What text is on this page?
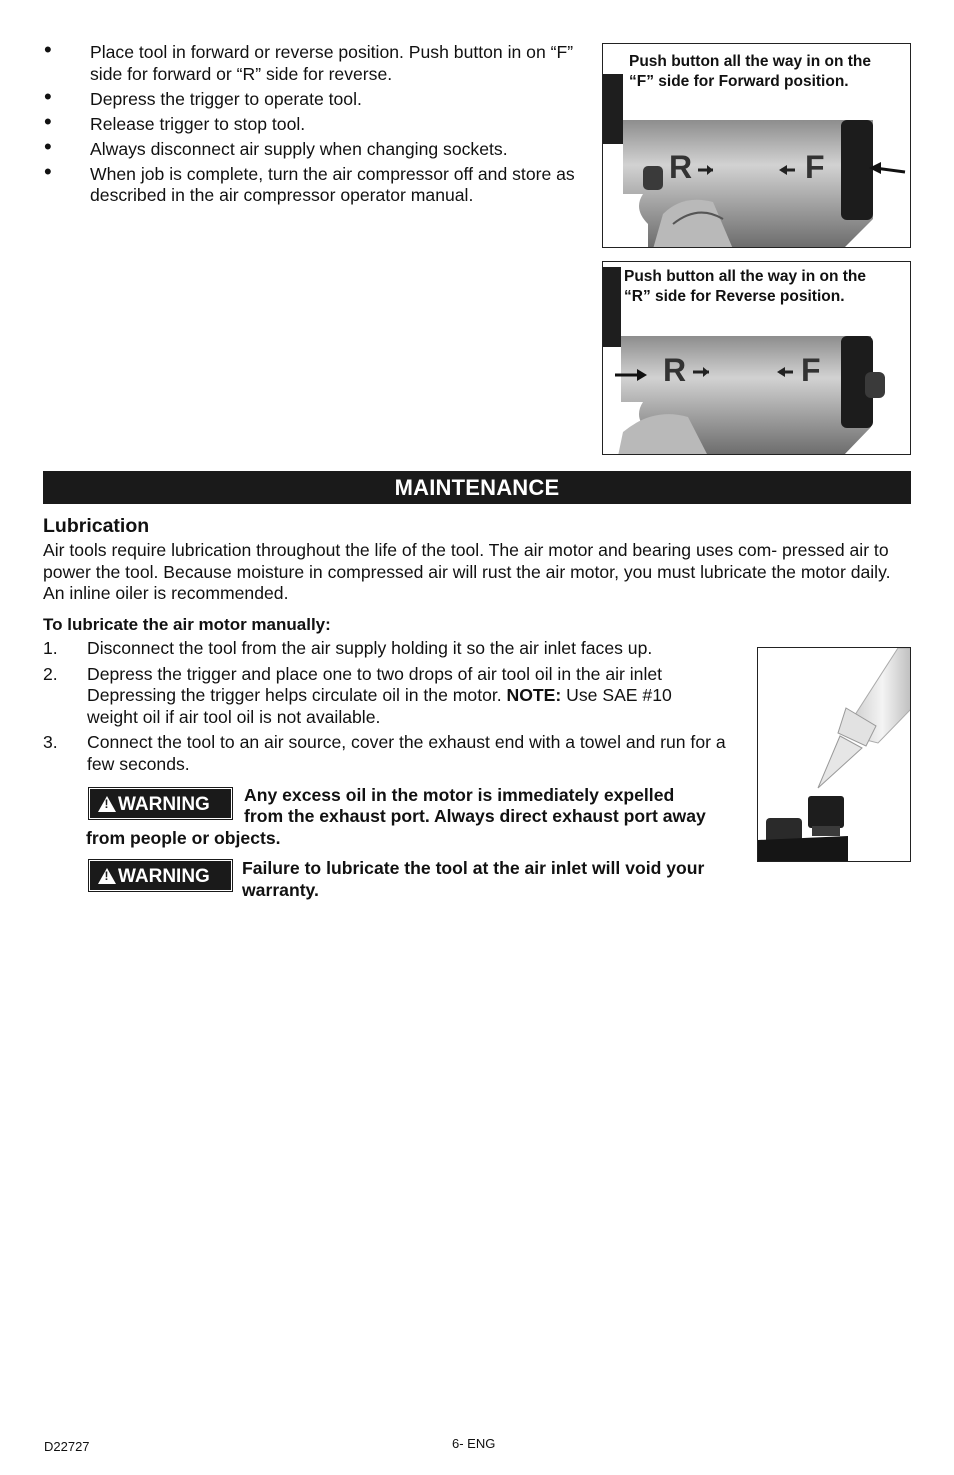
• Place tool in forward or reverse position. Push button in on “F” side for forward or “R” side for reverse.
• Depress the trigger to operate tool.
• Release trigger to stop tool.
• Always disconnect air supply when changing sockets.
• When job is complete, turn the air compressor off and store as described in the air compressor operator manual.
R	F
Push button all the way in on the “F” side for Forward position.
R	F
Push button all the way in on the “R” side for Reverse position.
MAINTENANCE
Lubrication

Air tools require lubrication throughout the life of the tool. The air motor and bearing uses com- pressed air to power the tool. Because moisture in compressed air will rust the air motor, you must lubricate the motor daily. An inline oiler is recommended.

To lubricate the air motor manually:
1. Disconnect the tool from the air supply holding it so the air inlet faces up.
2. Depress the trigger and place one to two drops of air tool oil in the air inlet Depressing the trigger helps circulate oil in the motor. NOTE: Use SAE #10 weight oil if air tool oil is not available.
3. Connect the tool to an air source, cover the exhaust end with a towel and run for a few seconds.
!WARNING	Any excess oil in the motor is immediately expelled
from the exhaust port. Always direct exhaust port away
from people or objects.
!WARNING	Failure to lubricate the tool at the air inlet will void your
warranty.
D22727	6- ENG
